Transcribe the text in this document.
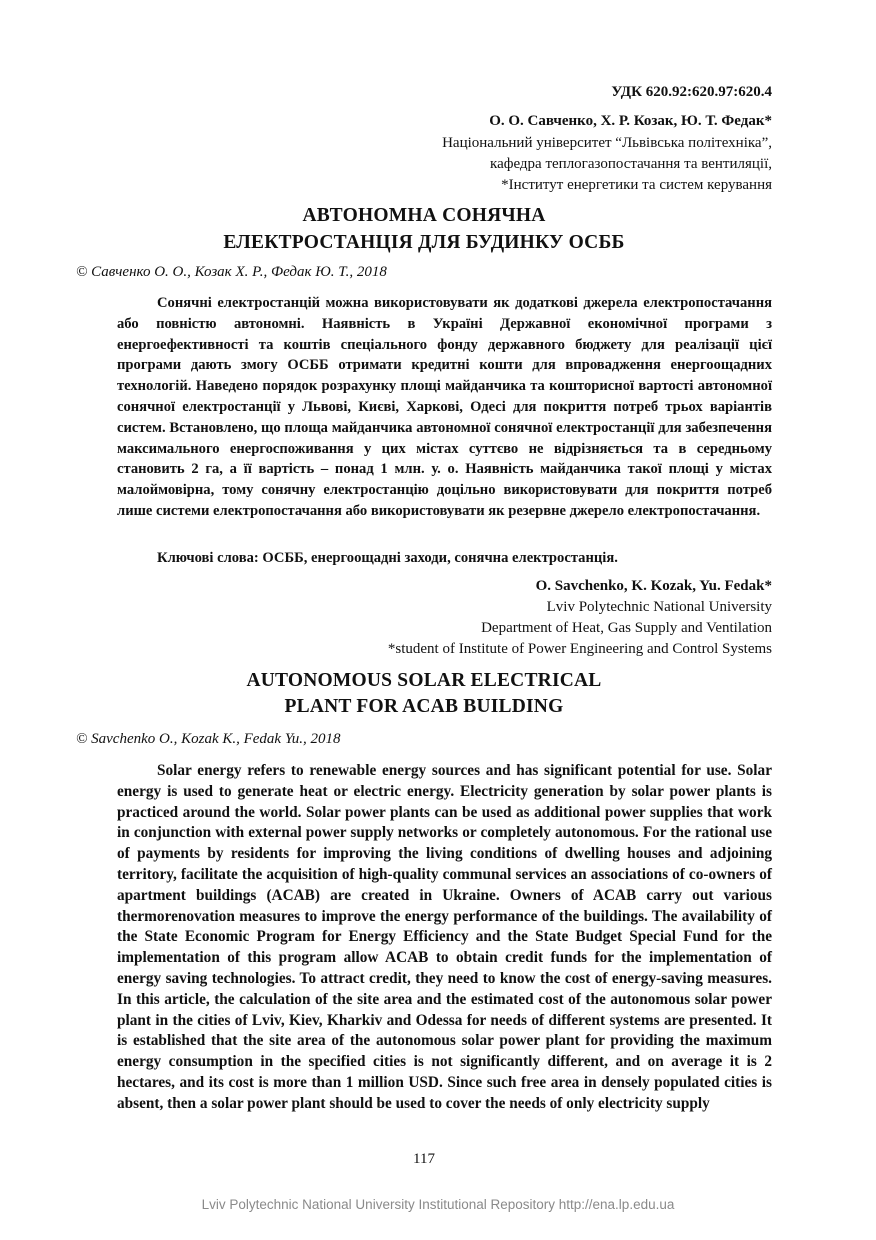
УДК 620.92:620.97:620.4
О. О. Савченко, Х. Р. Козак, Ю. Т. Федак*
Національний університет “Львівська політехніка”,
кафедра теплогазопостачання та вентиляції,
*Інститут енергетики та систем керування
АВТОНОМНА СОНЯЧНА
ЕЛЕКТРОСТАНЦІЯ ДЛЯ БУДИНКУ ОСББ
© Савченко О. О., Козак Х. Р., Федак Ю. Т., 2018
Сонячні електростанцій можна використовувати як додаткові джерела електропостачання або повністю автономні. Наявність в Україні Державної економічної програми з енергоефективності та коштів спеціального фонду державного бюджету для реалізації цієї програми дають змогу ОСББ отримати кредитні кошти для впровадження енергоощадних технологій. Наведено порядок розрахунку площі майданчика та кошторисної вартості автономної сонячної електростанції у Львові, Києві, Харкові, Одесі для покриття потреб трьох варіантів систем. Встановлено, що площа майданчика автономної сонячної електростанції для забезпечення максимального енергоспоживання у цих містах суттєво не відрізняється та в середньому становить 2 га, а її вартість – понад 1 млн. у. о. Наявність майданчика такої площі у містах малоймовірна, тому сонячну електростанцію доцільно використовувати для покриття потреб лише системи електропостачання або використовувати як резервне джерело електропостачання.
Ключові слова: ОСББ, енергоощадні заходи, сонячна електростанція.
O. Savchenko, K. Kozak, Yu. Fedak*
Lviv Polytechnic National University
Department of Heat, Gas Supply and Ventilation
*student of Institute of Power Engineering and Control Systems
AUTONOMOUS SOLAR ELECTRICAL
PLANT FOR ACAB BUILDING
© Savchenko O., Kozak K., Fedak Yu., 2018
Solar energy refers to renewable energy sources and has significant potential for use. Solar energy is used to generate heat or electric energy. Electricity generation by solar power plants is practiced around the world. Solar power plants can be used as additional power supplies that work in conjunction with external power supply networks or completely autonomous. For the rational use of payments by residents for improving the living conditions of dwelling houses and adjoining territory, facilitate the acquisition of high-quality communal services an associations of co-owners of apartment buildings (ACAB) are created in Ukraine. Owners of ACAB carry out various thermorenovation measures to improve the energy performance of the buildings. The availability of the State Economic Program for Energy Efficiency and the State Budget Special Fund for the implementation of this program allow ACAB to obtain credit funds for the implementation of energy saving technologies. To attract credit, they need to know the cost of energy-saving measures. In this article, the calculation of the site area and the estimated cost of the autonomous solar power plant in the cities of Lviv, Kiev, Kharkiv and Odessa for needs of different systems are presented. It is established that the site area of the autonomous solar power plant for providing the maximum energy consumption in the specified cities is not significantly different, and on average it is 2 hectares, and its cost is more than 1 million USD. Since such free area in densely populated cities is absent, then a solar power plant should be used to cover the needs of only electricity supply
117
Lviv Polytechnic National University Institutional Repository http://ena.lp.edu.ua
